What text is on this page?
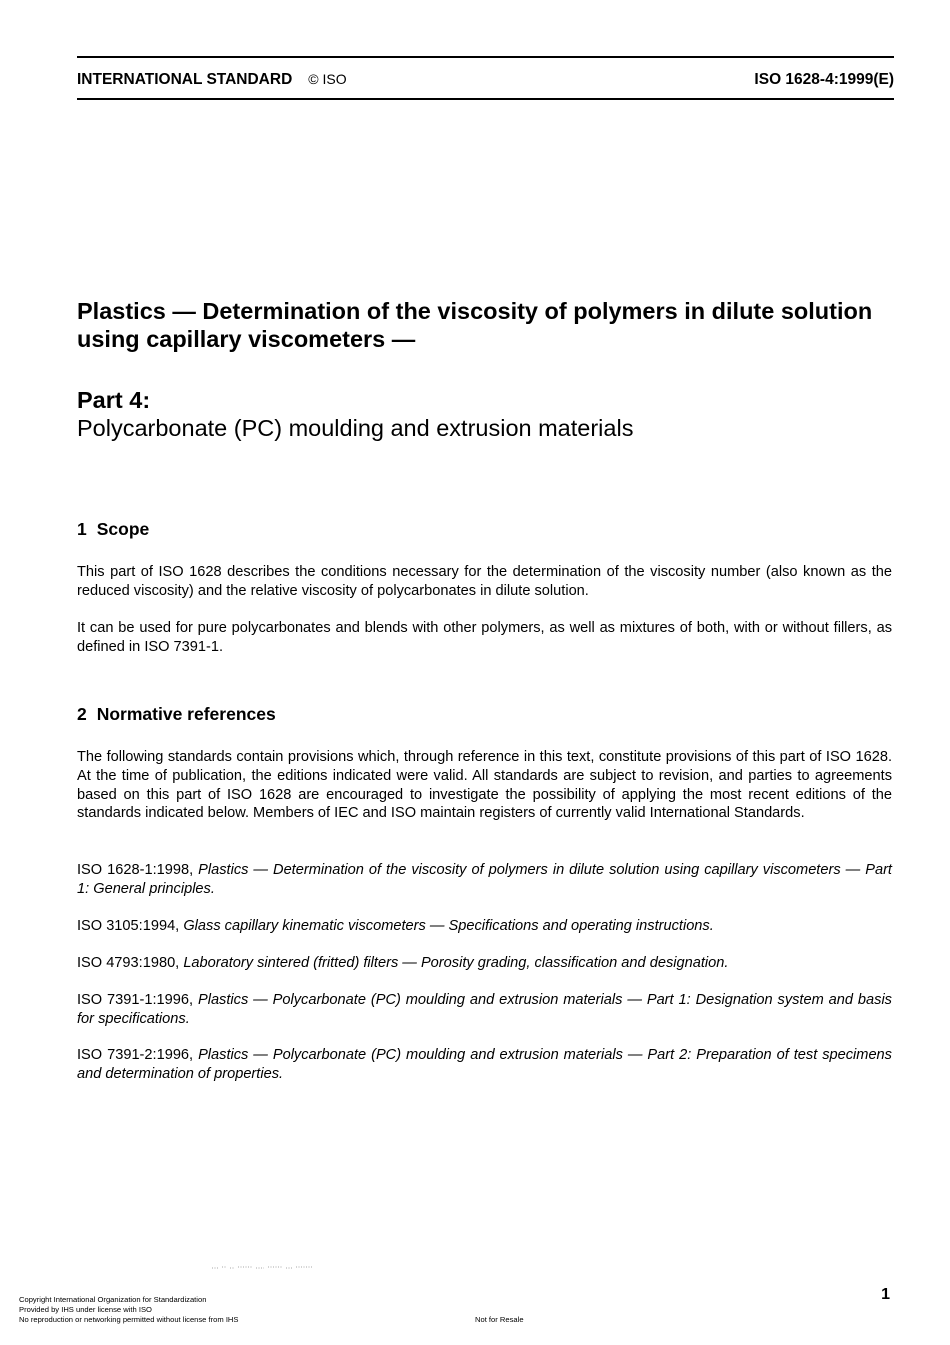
INTERNATIONAL STANDARD © ISO	ISO 1628-4:1999(E)
Plastics — Determination of the viscosity of polymers in dilute solution using capillary viscometers —
Part 4:
Polycarbonate (PC) moulding and extrusion materials
1 Scope

This part of ISO 1628 describes the conditions necessary for the determination of the viscosity number (also known as the reduced viscosity) and the relative viscosity of polycarbonates in dilute solution.

It can be used for pure polycarbonates and blends with other polymers, as well as mixtures of both, with or without fillers, as defined in ISO 7391-1.

2 Normative references

The following standards contain provisions which, through reference in this text, constitute provisions of this part of ISO 1628. At the time of publication, the editions indicated were valid. All standards are subject to revision, and parties to agreements based on this part of ISO 1628 are encouraged to investigate the possibility of applying the most recent editions of the standards indicated below. Members of IEC and ISO maintain registers of currently valid International Standards.

ISO 1628-1:1998, Plastics — Determination of the viscosity of polymers in dilute solution using capillary viscometers — Part 1: General principles.

ISO 3105:1994, Glass capillary kinematic viscometers — Specifications and operating instructions.

ISO 4793:1980, Laboratory sintered (fritted) filters — Porosity grading, classification and designation.

ISO 7391-1:1996, Plastics — Polycarbonate (PC) moulding and extrusion materials — Part 1: Designation system and basis for specifications.

ISO 7391-2:1996, Plastics — Polycarbonate (PC) moulding and extrusion materials — Part 2: Preparation of test specimens and determination of properties.

1
Copyright International Organization for Standardization
Provided by IHS under license with ISO
No reproduction or networking permitted without license from IHS	Not for Resale
